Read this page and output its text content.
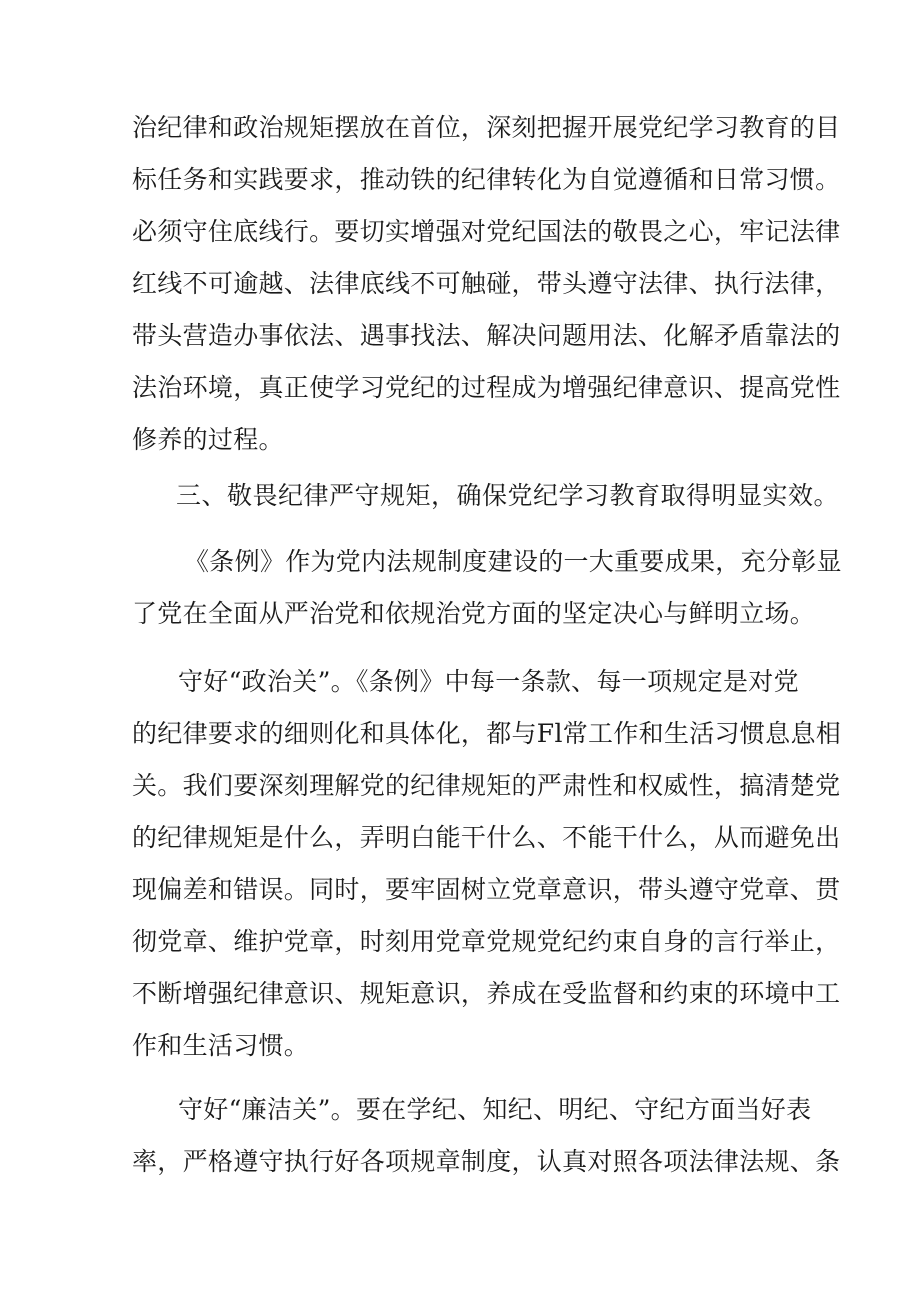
治纪律和政治规矩摆放在首位，深刻把握开展党纪学习教育的目
标任务和实践要求，推动铁的纪律转化为自觉遵循和日常习惯。
必须守住底线行。要切实增强对党纪国法的敬畏之心，牢记法律
红线不可逾越、法律底线不可触碰，带头遵守法律、执行法律，
带头营造办事依法、遇事找法、解决问题用法、化解矛盾靠法的
法治环境，真正使学习党纪的过程成为增强纪律意识、提高党性
修养的过程。
三、敬畏纪律严守规矩，确保党纪学习教育取得明显实效。
《条例》作为党内法规制度建设的一大重要成果，充分彰显
了党在全面从严治党和依规治党方面的坚定决心与鲜明立场。
守好“政治关”。《条例》中每一条款、每一项规定是对党
的纪律要求的细则化和具体化，都与Fl常工作和生活习惯息息相
关。我们要深刻理解党的纪律规矩的严肃性和权威性，搞清楚党
的纪律规矩是什么，弄明白能干什么、不能干什么，从而避免出
现偏差和错误。同时，要牢固树立党章意识，带头遵守党章、贯
彻党章、维护党章，时刻用党章党规党纪约束自身的言行举止，
不断增强纪律意识、规矩意识，养成在受监督和约束的环境中工
作和生活习惯。
守好“廉洁关”。要在学纪、知纪、明纪、守纪方面当好表
率，严格遵守执行好各项规章制度，认真对照各项法律法规、条
